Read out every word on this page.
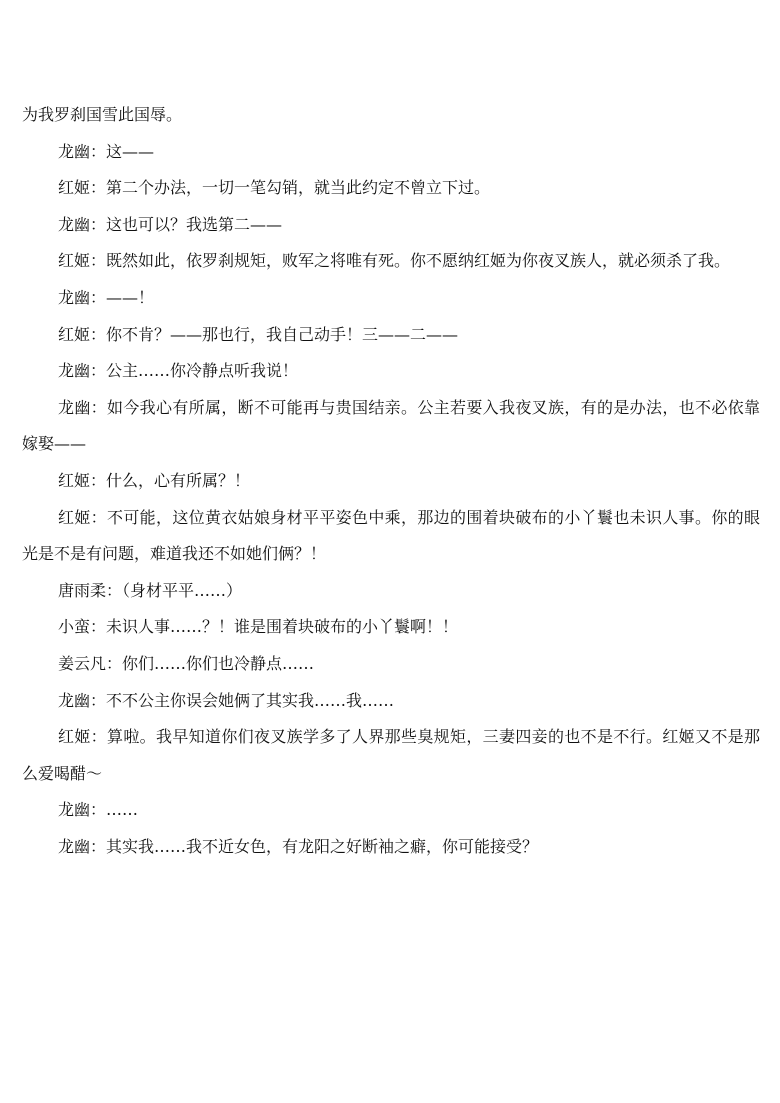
为我罗刹国雪此国辱。

龙幽：这——

红姬：第二个办法，一切一笔勾销，就当此约定不曾立下过。

龙幽：这也可以？我选第二——

红姬：既然如此，依罗刹规矩，败军之将唯有死。你不愿纳红姬为你夜叉族人，就必须杀了我。

龙幽：——！

红姬：你不肯？——那也行，我自己动手！三——二——

龙幽：公主……你冷静点听我说！

龙幽：如今我心有所属，断不可能再与贵国结亲。公主若要入我夜叉族，有的是办法，也不必依靠嫁娶——

红姬：什么，心有所属？！

红姬：不可能，这位黄衣姑娘身材平平姿色中乘，那边的围着块破布的小丫鬟也未识人事。你的眼光是不是有问题，难道我还不如她们俩？！

唐雨柔：（身材平平……）

小蛮：未识人事……？！谁是围着块破布的小丫鬟啊！！

姜云凡：你们……你们也冷静点……

龙幽：不不公主你误会她俩了其实我……我……

红姬：算啦。我早知道你们夜叉族学多了人界那些臭规矩，三妻四妾的也不是不行。红姬又不是那么爱喝醋～

龙幽：……

龙幽：其实我……我不近女色，有龙阳之好断袖之癖，你可能接受？
